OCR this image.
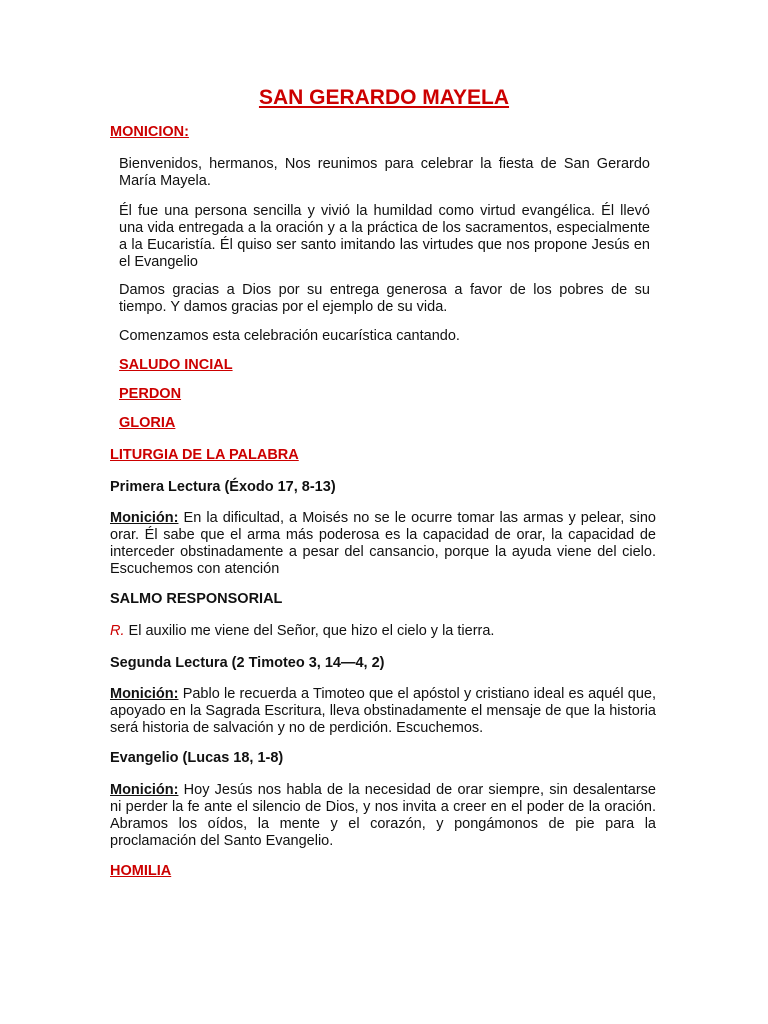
SAN GERARDO MAYELA
MONICION:
Bienvenidos, hermanos, Nos reunimos para celebrar la fiesta de San Gerardo María Mayela.
Él fue una persona sencilla y vivió la humildad como virtud evangélica. Él llevó una vida entregada a la oración y a la práctica de los sacramentos, especialmente a la Eucaristía. Él quiso ser santo imitando las virtudes que nos propone Jesús en el Evangelio
Damos gracias a Dios por su entrega generosa a favor de los pobres de su tiempo. Y damos gracias por el ejemplo de su vida.
Comenzamos esta celebración eucarística cantando.
SALUDO INCIAL
PERDON
GLORIA
LITURGIA DE LA PALABRA
Primera Lectura (Éxodo 17, 8-13)
Monición: En la dificultad, a Moisés no se le ocurre tomar las armas y pelear, sino orar. Él sabe que el arma más poderosa es la capacidad de orar, la capacidad de interceder obstinadamente a pesar del cansancio, porque la ayuda viene del cielo. Escuchemos con atención
SALMO RESPONSORIAL
R. El auxilio me viene del Señor, que hizo el cielo y la tierra.
Segunda Lectura (2 Timoteo 3, 14—4, 2)
Monición: Pablo le recuerda a Timoteo que el apóstol y cristiano ideal es aquél que, apoyado en la Sagrada Escritura, lleva obstinadamente el mensaje de que la historia será historia de salvación y no de perdición. Escuchemos.
Evangelio (Lucas 18, 1-8)
Monición: Hoy Jesús nos habla de la necesidad de orar siempre, sin desalentarse ni perder la fe ante el silencio de Dios, y nos invita a creer en el poder de la oración. Abramos los oídos, la mente y el corazón, y pongámonos de pie para la proclamación del Santo Evangelio.
HOMILIA
